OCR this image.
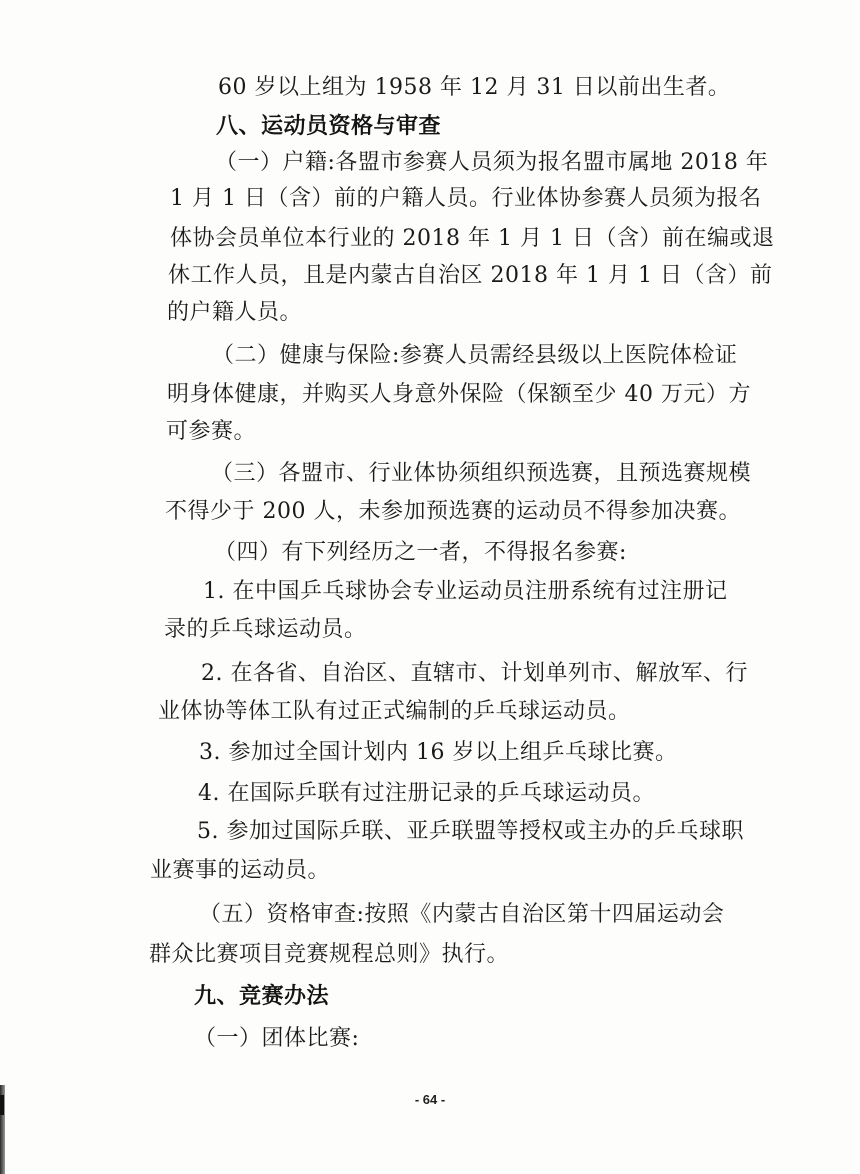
60 岁以上组为 1958 年 12 月 31 日以前出生者。

八、运动员资格与审查

（一）户籍:各盟市参赛人员须为报名盟市属地 2018 年

1 月 1 日（含）前的户籍人员。行业体协参赛人员须为报名

体协会员单位本行业的 2018 年 1 月 1 日（含）前在编或退

休工作人员，且是内蒙古自治区 2018 年 1 月 1 日（含）前

的户籍人员。

（二）健康与保险:参赛人员需经县级以上医院体检证

明身体健康，并购买人身意外保险（保额至少 40 万元）方

可参赛。

（三）各盟市、行业体协须组织预选赛，且预选赛规模

不得少于 200 人，未参加预选赛的运动员不得参加决赛。

（四）有下列经历之一者，不得报名参赛:

1. 在中国乒乓球协会专业运动员注册系统有过注册记

录的乒乓球运动员。

2. 在各省、自治区、直辖市、计划单列市、解放军、行

业体协等体工队有过正式编制的乒乓球运动员。

3. 参加过全国计划内 16 岁以上组乒乓球比赛。

4. 在国际乒联有过注册记录的乒乓球运动员。

5. 参加过国际乒联、亚乒联盟等授权或主办的乒乓球职

业赛事的运动员。

（五）资格审查:按照《内蒙古自治区第十四届运动会

群众比赛项目竞赛规程总则》执行。

九、竞赛办法

（一）团体比赛:

- 64 -
